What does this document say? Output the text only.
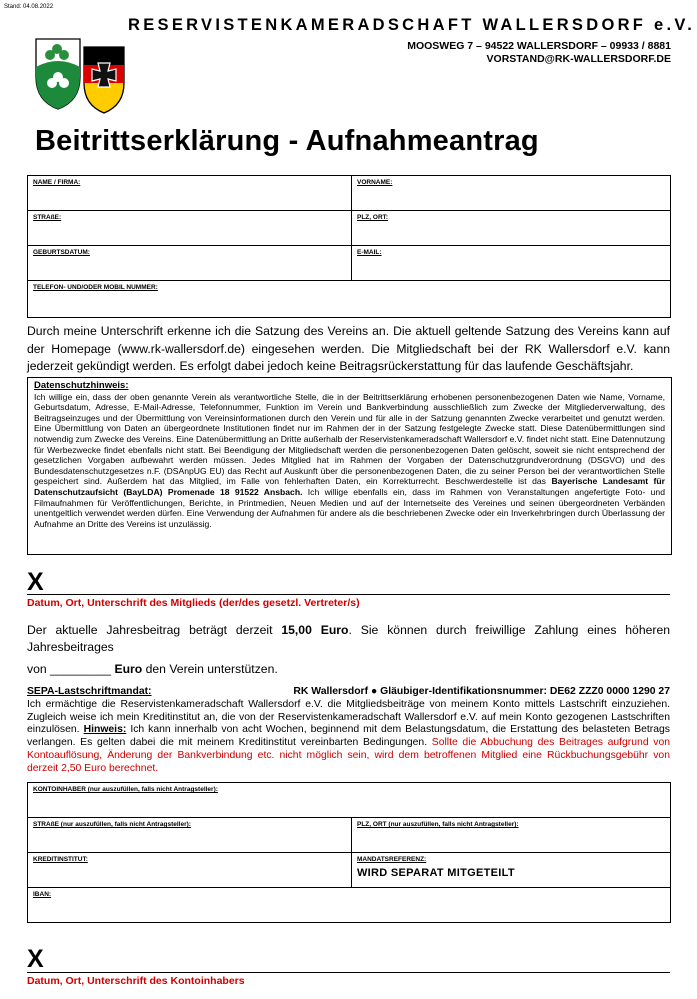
Stand: 04.08.2022
RESERVISTENKAMERADSCHAFT WALLERSDORF e.V.
MOOSWEG 7 – 94522 WALLERSDORF – 09933 / 8881
VORSTAND@RK-WALLERSDORF.DE
Beitrittserklärung - Aufnahmeantrag
NAME / FIRMA:	VORNAME:

STRAßE:	PLZ, ORT:

GEBURTSDATUM:	E-MAIL:

TELEFON- UND/ODER MOBIL NUMMER:	
Durch meine Unterschrift erkenne ich die Satzung des Vereins an. Die aktuell geltende Satzung des Vereins kann auf der Homepage (www.rk-wallersdorf.de) eingesehen werden. Die Mitgliedschaft bei der RK Wallersdorf e.V. kann jederzeit gekündigt werden. Es erfolgt dabei jedoch keine Beitragsrückerstattung für das laufende Geschäftsjahr.
Datenschutzhinweis:
Ich willige ein, dass der oben genannte Verein als verantwortliche Stelle, die in der Beitrittserklärung erhobenen personenbezogenen Daten wie Name, Vorname, Geburtsdatum, Adresse, E-Mail-Adresse, Telefonnummer, Funktion im Verein und Bankverbindung ausschließlich zum Zwecke der Mitgliederverwaltung, des Beitragseinzuges und der Übermittlung von Vereinsinformationen durch den Verein und für alle in der Satzung genannten Zwecke verarbeitet und genutzt werden. Eine Übermittlung von Daten an übergeordnete Institutionen findet nur im Rahmen der in der Satzung festgelegte Zwecke statt. Diese Datenübermittlungen sind notwendig zum Zwecke des Vereins. Eine Datenübermittlung an Dritte außerhalb der Reservistenkameradschaft Wallersdorf e.V. findet nicht statt. Eine Datennutzung für Werbezwecke findet ebenfalls nicht statt. Bei Beendigung der Mitgliedschaft werden die personenbezogenen Daten gelöscht, soweit sie nicht entsprechend der gesetzlichen Vorgaben aufbewahrt werden müssen. Jedes Mitglied hat im Rahmen der Vorgaben der Datenschutzgrundverordnung (DSGVO) und des Bundesdatenschutzgesetzes n.F. (DSAnpUG EU) das Recht auf Auskunft über die personenbezogenen Daten, die zu seiner Person bei der verantwortlichen Stelle gespeichert sind. Außerdem hat das Mitglied, im Falle von fehlerhaften Daten, ein Korrekturrecht. Beschwerdestelle ist das Bayerische Landesamt für Datenschutzaufsicht (BayLDA) Promenade 18 91522 Ansbach. Ich willige ebenfalls ein, dass im Rahmen von Veranstaltungen angefertigte Foto- und Filmaufnahmen für Veröffentlichungen, Berichte, in Printmedien, Neuen Medien und auf der Internetseite des Vereines und seinen übergeordneten Verbänden unentgeltlich verwendet werden dürfen. Eine Verwendung der Aufnahmen für andere als die beschriebenen Zwecke oder ein Inverkehrbringen durch Überlassung der Aufnahme an Dritte des Vereins ist unzulässig.
X
Datum, Ort, Unterschrift des Mitglieds (der/des gesetzl. Vertreter/s)
Der aktuelle Jahresbeitrag beträgt derzeit 15,00 Euro. Sie können durch freiwillige Zahlung eines höheren Jahresbeitrages
von _________ Euro den Verein unterstützen.
SEPA-Lastschriftmandat:	RK Wallersdorf ● Gläubiger-Identifikationsnummer: DE62 ZZZ0 0000 1290 27
Ich ermächtige die Reservistenkameradschaft Wallersdorf e.V. die Mitgliedsbeiträge von meinem Konto mittels Lastschrift einzuziehen. Zugleich weise ich mein Kreditinstitut an, die von der Reservistenkameradschaft Wallersdorf e.V. auf mein Konto gezogenen Lastschriften einzulösen. Hinweis: Ich kann innerhalb von acht Wochen, beginnend mit dem Belastungsdatum, die Erstattung des belasteten Betrags verlangen. Es gelten dabei die mit meinem Kreditinstitut vereinbarten Bedingungen. Sollte die Abbuchung des Beitrages aufgrund von Kontoauflösung, Änderung der Bankverbindung etc. nicht möglich sein, wird dem betroffenen Mitglied eine Rückbuchungsgebühr von derzeit 2,50 Euro berechnet.
KONTOINHABER (nur auszufüllen, falls nicht Antragsteller):	

STRAßE (nur auszufüllen, falls nicht Antragsteller):	PLZ, ORT (nur auszufüllen, falls nicht Antragsteller):

KREDITINSTITUT:	MANDATSREFERENZ:
WIRD SEPARAT MITGETEILT

IBAN:	
X
Datum, Ort, Unterschrift des Kontoinhabers
